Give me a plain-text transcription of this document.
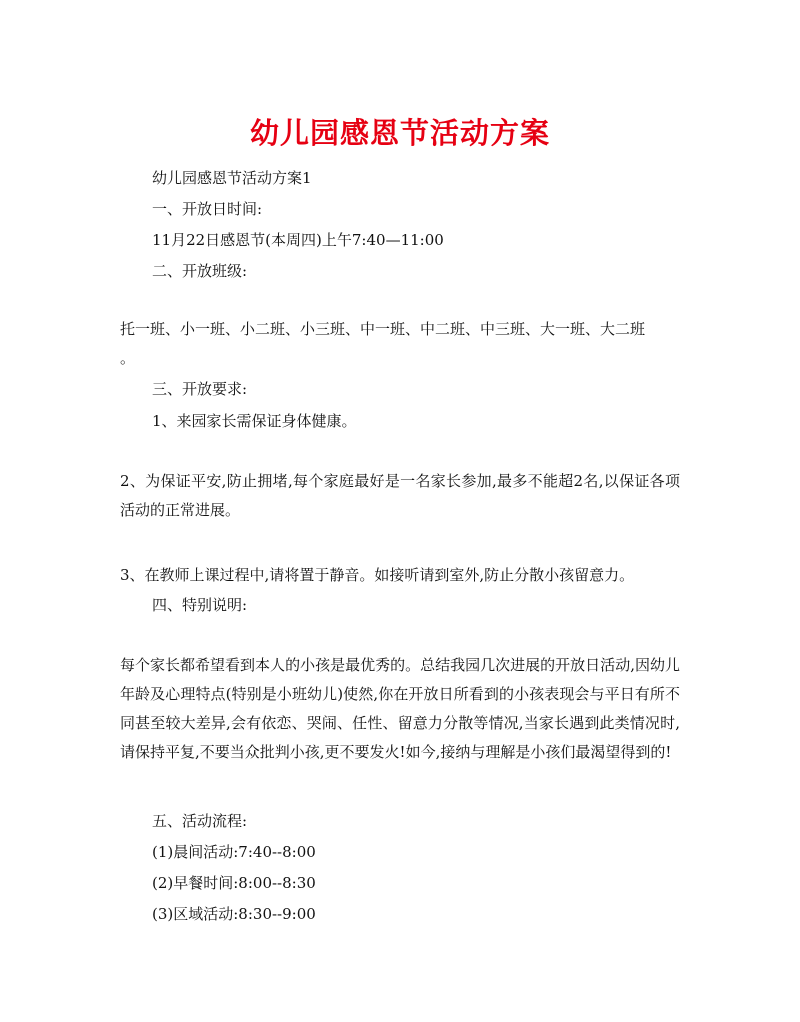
幼儿园感恩节活动方案
幼儿园感恩节活动方案1
一、开放日时间:
11月22日感恩节(本周四)上午7:40—11:00
二、开放班级:
托一班、小一班、小二班、小三班、中一班、中二班、中三班、大一班、大二班
。
三、开放要求:
1、来园家长需保证身体健康。
2、为保证平安,防止拥堵,每个家庭最好是一名家长参加,最多不能超2名,以保证各项活动的正常进展。
3、在教师上课过程中,请将置于静音。如接听请到室外,防止分散小孩留意力。
四、特别说明:
每个家长都希望看到本人的小孩是最优秀的。总结我园几次进展的开放日活动,因幼儿年龄及心理特点(特别是小班幼儿)使然,你在开放日所看到的小孩表现会与平日有所不同甚至较大差异,会有依恋、哭闹、任性、留意力分散等情况,当家长遇到此类情况时,请保持平复,不要当众批判小孩,更不要发火!如今,接纳与理解是小孩们最渴望得到的!
五、活动流程:
(1)晨间活动:7:40--8:00
(2)早餐时间:8:00--8:30
(3)区域活动:8:30--9:00
